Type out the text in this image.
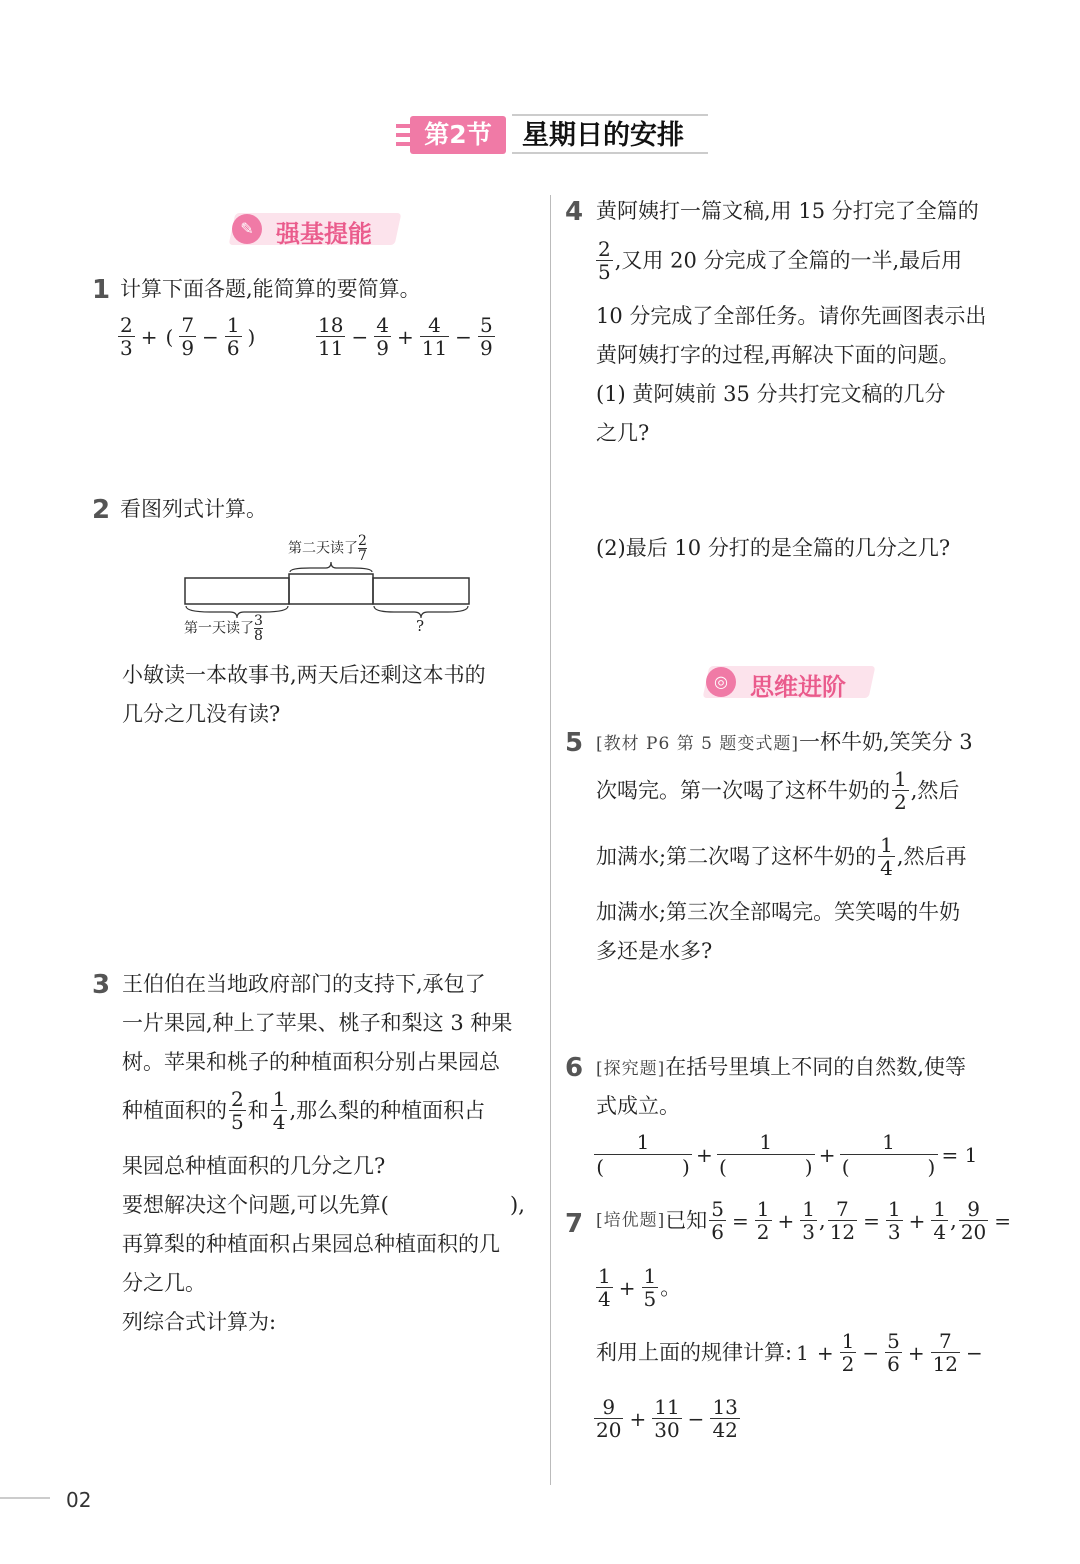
第2节	星期日的安排
✎ 强基提能
◎ 思维进阶
1 计算下面各题,能简算的要简算。
$\frac{2}{3}$ + ( $\frac{7}{9} - \frac{1}{6}$ )	$\frac{18}{11} - \frac{4}{9} + \frac{4}{11} - \frac{5}{9}$
2 看图列式计算。
第二天读了 $\frac{2}{7}$
第一天读了 $\frac{3}{8}$	?
小敏读一本故事书,两天后还剩这本书的
几分之几没有读?
3 王伯伯在当地政府部门的支持下,承包了
一片果园,种上了苹果、桃子和梨这 3 种果
树。苹果和桃子的种植面积分别占果园总
种植面积的 $\frac{2}{5}$ 和 $\frac{1}{4}$ ,那么梨的种植面积占
果园总种植面积的几分之几?
要想解决这个问题,可以先算(	),
再算梨的种植面积占果园总种植面积的几
分之几。
列综合式计算为:
4 黄阿姨打一篇文稿,用 15 分打完了全篇的
$\frac{2}{5}$ ,又用 20 分完成了全篇的一半,最后用
10 分完成了全部任务。请你先画图表示出
黄阿姨打字的过程,再解决下面的问题。
(1) 黄阿姨前 35 分共打完文稿的几分
之几?
(2)最后 10 分打的是全篇的几分之几?
5 [教材 P6 第 5 题变式题]一杯牛奶,笑笑分 3
次喝完。第一次喝了这杯牛奶的 $\frac{1}{2}$ ,然后
加满水;第二次喝了这杯牛奶的 $\frac{1}{4}$ ,然后再
加满水;第三次全部喝完。笑笑喝的牛奶
多还是水多?
6 [探究题]在括号里填上不同的自然数,使等
式成立。
1
(	) + 1
(	) + 1
(	) = 1
7 [培优题]已知 $\frac{5}{6} = \frac{1}{2} + \frac{1}{3}$ , $\frac{7}{12} = \frac{1}{3} + \frac{1}{4}$ , $\frac{9}{20}$ =
$\frac{1}{4} + \frac{1}{5}$ 。
利用上面的规律计算: $1 + \frac{1}{2} - \frac{5}{6} + \frac{7}{12}$ −
$\frac{9}{20} + \frac{11}{30} - \frac{13}{42}$
02
